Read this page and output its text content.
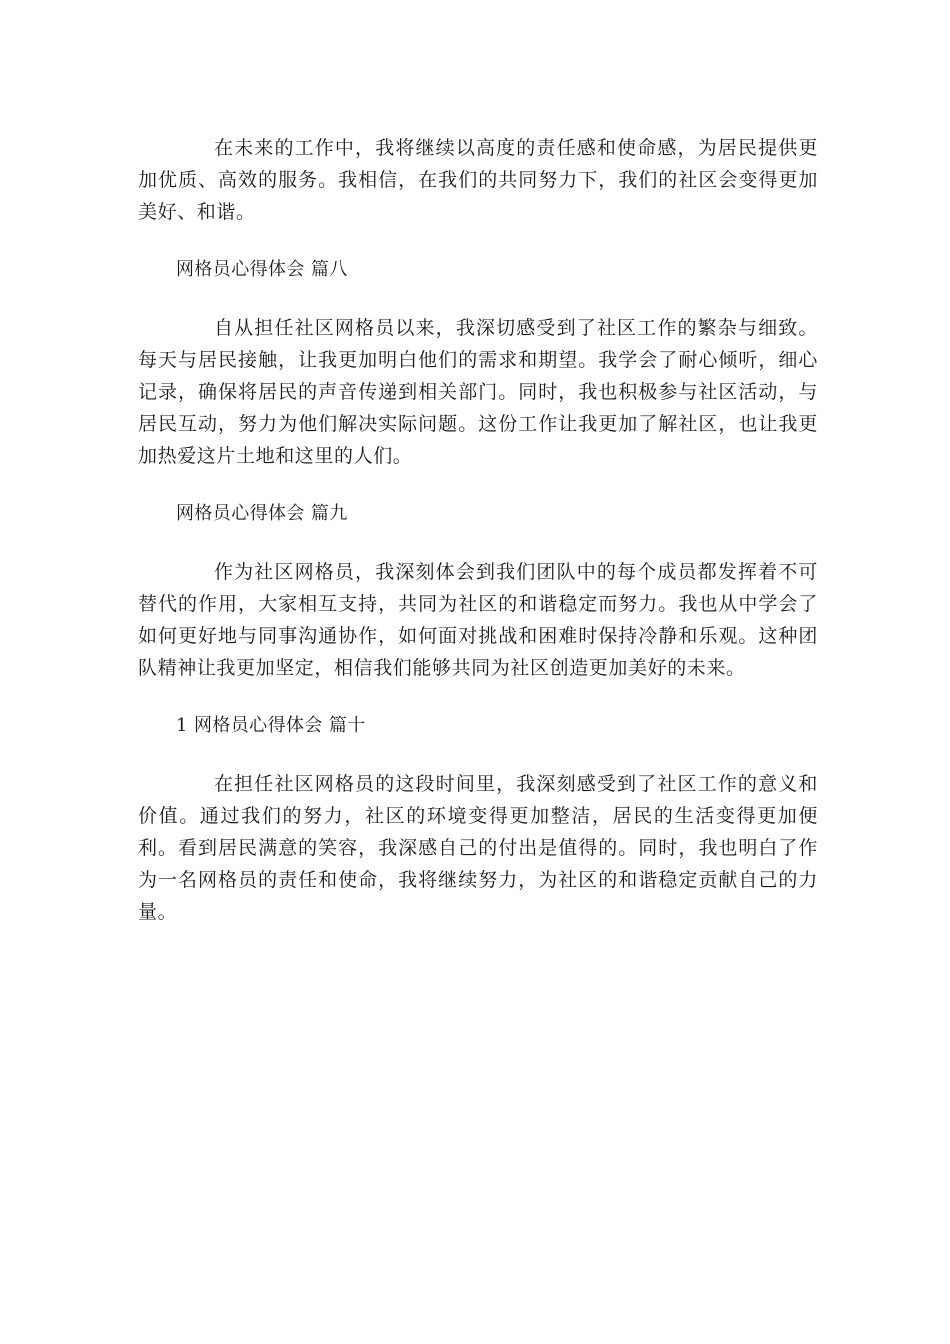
在未来的工作中，我将继续以高度的责任感和使命感，为居民提供更加优质、高效的服务。我相信，在我们的共同努力下，我们的社区会变得更加美好、和谐。

网格员心得体会 篇八

自从担任社区网格员以来，我深切感受到了社区工作的繁杂与细致。每天与居民接触，让我更加明白他们的需求和期望。我学会了耐心倾听，细心记录，确保将居民的声音传递到相关部门。同时，我也积极参与社区活动，与居民互动，努力为他们解决实际问题。这份工作让我更加了解社区，也让我更加热爱这片土地和这里的人们。

网格员心得体会 篇九

作为社区网格员，我深刻体会到我们团队中的每个成员都发挥着不可替代的作用，大家相互支持，共同为社区的和谐稳定而努力。我也从中学会了如何更好地与同事沟通协作，如何面对挑战和困难时保持冷静和乐观。这种团队精神让我更加坚定，相信我们能够共同为社区创造更加美好的未来。

1 网格员心得体会 篇十

在担任社区网格员的这段时间里，我深刻感受到了社区工作的意义和价值。通过我们的努力，社区的环境变得更加整洁，居民的生活变得更加便利。看到居民满意的笑容，我深感自己的付出是值得的。同时，我也明白了作为一名网格员的责任和使命，我将继续努力，为社区的和谐稳定贡献自己的力量。
